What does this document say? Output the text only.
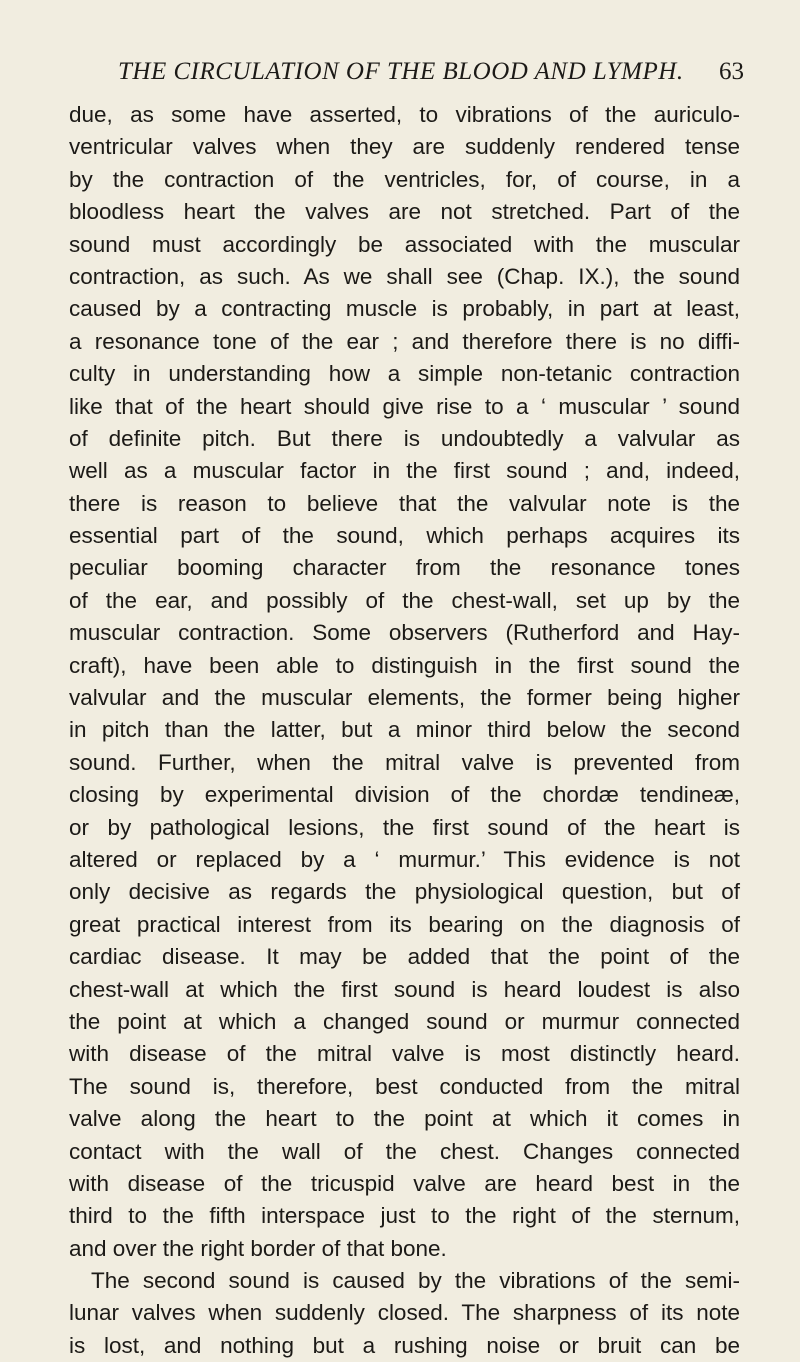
THE CIRCULATION OF THE BLOOD AND LYMPH. 63
due, as some have asserted, to vibrations of the auriculo-
ventricular valves when they are suddenly rendered tense
by the contraction of the ventricles, for, of course, in a
bloodless heart the valves are not stretched. Part of the
sound must accordingly be associated with the muscular
contraction, as such. As we shall see (Chap. IX.), the sound
caused by a contracting muscle is probably, in part at least,
a resonance tone of the ear ; and therefore there is no diffi-
culty in understanding how a simple non-tetanic contraction
like that of the heart should give rise to a ‘ muscular ’ sound
of definite pitch. But there is undoubtedly a valvular as
well as a muscular factor in the first sound ; and, indeed,
there is reason to believe that the valvular note is the
essential part of the sound, which perhaps acquires its
peculiar booming character from the resonance tones
of the ear, and possibly of the chest-wall, set up by the
muscular contraction. Some observers (Rutherford and Hay-
craft), have been able to distinguish in the first sound the
valvular and the muscular elements, the former being higher
in pitch than the latter, but a minor third below the second
sound. Further, when the mitral valve is prevented from
closing by experimental division of the chordæ tendineæ,
or by pathological lesions, the first sound of the heart is
altered or replaced by a ‘ murmur.’ This evidence is not
only decisive as regards the physiological question, but of
great practical interest from its bearing on the diagnosis of
cardiac disease. It may be added that the point of the
chest-wall at which the first sound is heard loudest is also
the point at which a changed sound or murmur connected
with disease of the mitral valve is most distinctly heard.
The sound is, therefore, best conducted from the mitral
valve along the heart to the point at which it comes in
contact with the wall of the chest. Changes connected
with disease of the tricuspid valve are heard best in the
third to the fifth interspace just to the right of the sternum,
and over the right border of that bone.
The second sound is caused by the vibrations of the semi-
lunar valves when suddenly closed. The sharpness of its note
is lost, and nothing but a rushing noise or bruit can be
